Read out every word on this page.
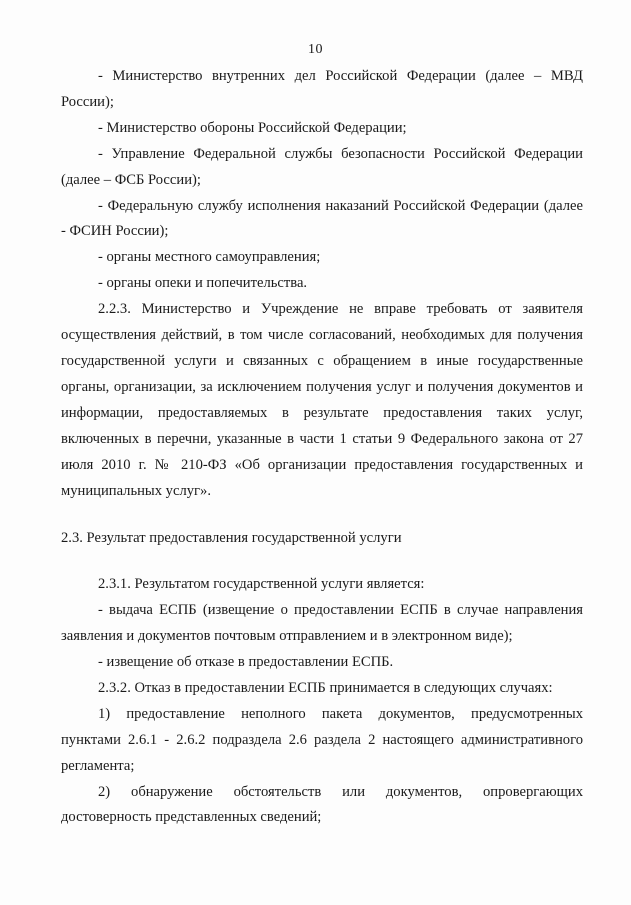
10

- Министерство внутренних дел Российской Федерации (далее – МВД России);

- Министерство обороны Российской Федерации;

- Управление Федеральной службы безопасности Российской Федерации (далее – ФСБ России);

- Федеральную службу исполнения наказаний Российской Федерации (далее - ФСИН России);

- органы местного самоуправления;

- органы опеки и попечительства.

2.2.3. Министерство и Учреждение не вправе требовать от заявителя осуществления действий, в том числе согласований, необходимых для получения государственной услуги и связанных с обращением в иные государственные органы, организации, за исключением получения услуг и получения документов и информации, предоставляемых в результате предоставления таких услуг, включенных в перечни, указанные в части 1 статьи 9 Федерального закона от 27 июля 2010 г. № 210-ФЗ «Об организации предоставления государственных и муниципальных услуг».

2.3. Результат предоставления государственной услуги

2.3.1. Результатом государственной услуги является:

- выдача ЕСПБ (извещение о предоставлении ЕСПБ в случае направления заявления и документов почтовым отправлением и в электронном виде);

- извещение об отказе в предоставлении ЕСПБ.

2.3.2. Отказ в предоставлении ЕСПБ принимается в следующих случаях:

1) предоставление неполного пакета документов, предусмотренных пунктами 2.6.1 - 2.6.2 подраздела 2.6 раздела 2 настоящего административного регламента;

2) обнаружение обстоятельств или документов, опровергающих достоверность представленных сведений;
